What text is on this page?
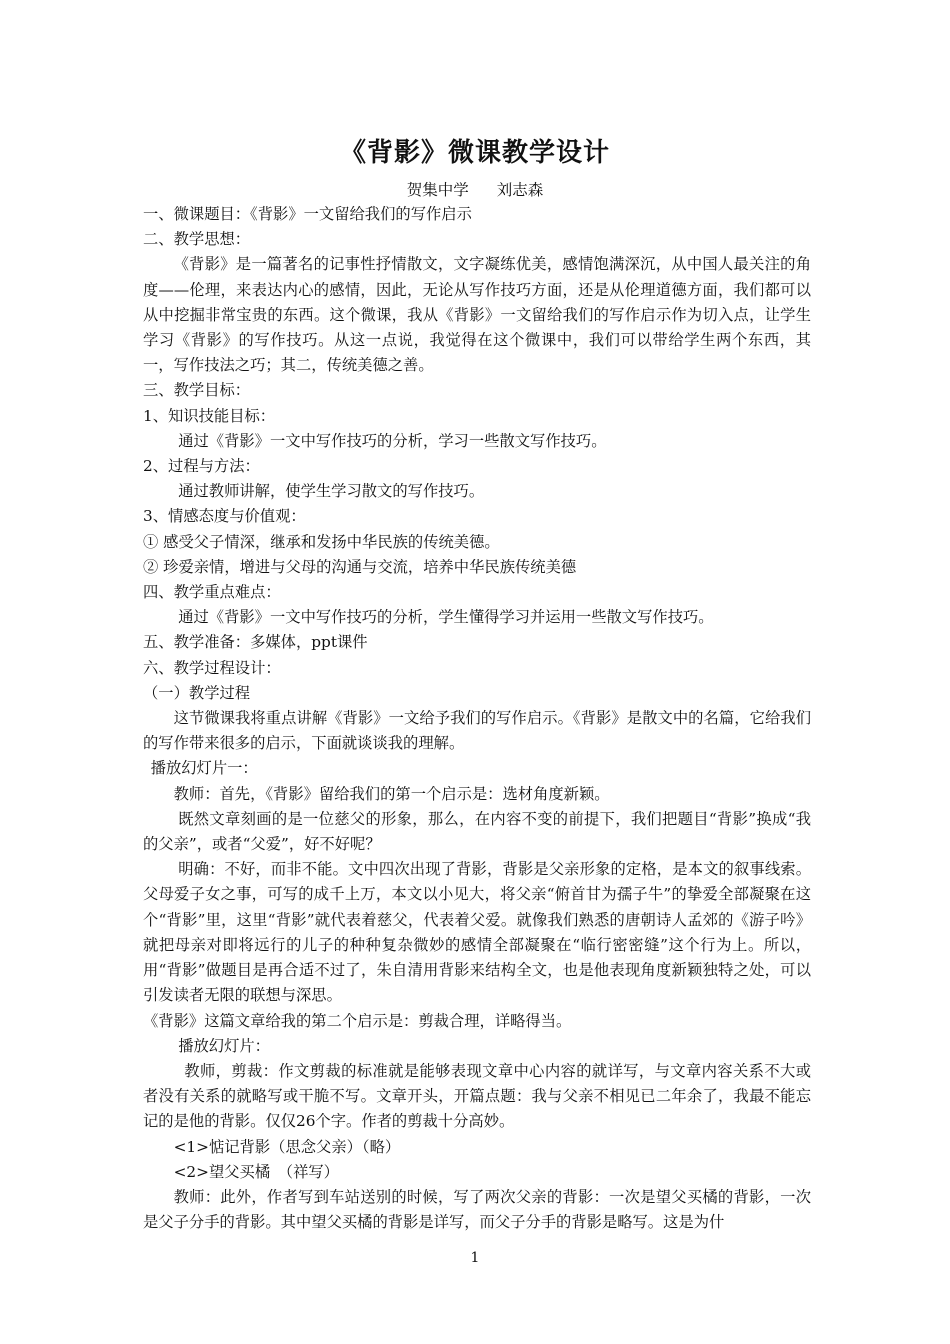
《背影》微课教学设计
贺集中学 刘志森

一、微课题目：《背影》一文留给我们的写作启示

二、教学思想：

《背影》是一篇著名的记事性抒情散文，文字凝练优美，感情饱满深沉，从中国人最关注的角度——伦理，来表达内心的感情，因此，无论从写作技巧方面，还是从伦理道德方面，我们都可以从中挖掘非常宝贵的东西。这个微课，我从《背影》一文留给我们的写作启示作为切入点，让学生学习《背影》的写作技巧。从这一点说，我觉得在这个微课中，我们可以带给学生两个东西，其一，写作技法之巧；其二，传统美德之善。

三、教学目标：

1、知识技能目标：

通过《背影》一文中写作技巧的分析，学习一些散文写作技巧。

2、过程与方法：

通过教师讲解，使学生学习散文的写作技巧。

3、情感态度与价值观：

① 感受父子情深，继承和发扬中华民族的传统美德。

② 珍爱亲情，增进与父母的沟通与交流，培养中华民族传统美德

四、教学重点难点：

通过《背影》一文中写作技巧的分析，学生懂得学习并运用一些散文写作技巧。

五、教学准备：多媒体，ppt课件

六、教学过程设计：

（一）教学过程

这节微课我将重点讲解《背影》一文给予我们的写作启示。《背影》是散文中的名篇，它给我们的写作带来很多的启示，下面就谈谈我的理解。

播放幻灯片一：

教师：首先，《背影》留给我们的第一个启示是：选材角度新颖。

既然文章刻画的是一位慈父的形象，那么，在内容不变的前提下，我们把题目“背影”换成“我的父亲”，或者“父爱”，好不好呢？

明确：不好，而非不能。文中四次出现了背影，背影是父亲形象的定格，是本文的叙事线索。父母爱子女之事，可写的成千上万，本文以小见大，将父亲“俯首甘为孺子牛”的挚爱全部凝聚在这个“背影”里，这里“背影”就代表着慈父，代表着父爱。就像我们熟悉的唐朝诗人孟郊的《游子吟》就把母亲对即将远行的儿子的种种复杂微妙的感情全部凝聚在“临行密密缝”这个行为上。所以，用“背影”做题目是再合适不过了，朱自清用背影来结构全文，也是他表现角度新颖独特之处，可以引发读者无限的联想与深思。

《背影》这篇文章给我的第二个启示是：剪裁合理，详略得当。

播放幻灯片：

教师，剪裁：作文剪裁的标准就是能够表现文章中心内容的就详写，与文章内容关系不大或者没有关系的就略写或干脆不写。文章开头，开篇点题：我与父亲不相见已二年余了，我最不能忘记的是他的背影。仅仅26个字。作者的剪裁十分高妙。

<1>惦记背影（思念父亲）（略）

<2>望父买橘　（祥写）

教师：此外，作者写到车站送别的时候，写了两次父亲的背影：一次是望父买橘的背影，一次是父子分手的背影。其中望父买橘的背影是详写，而父子分手的背影是略写。这是为什

1
